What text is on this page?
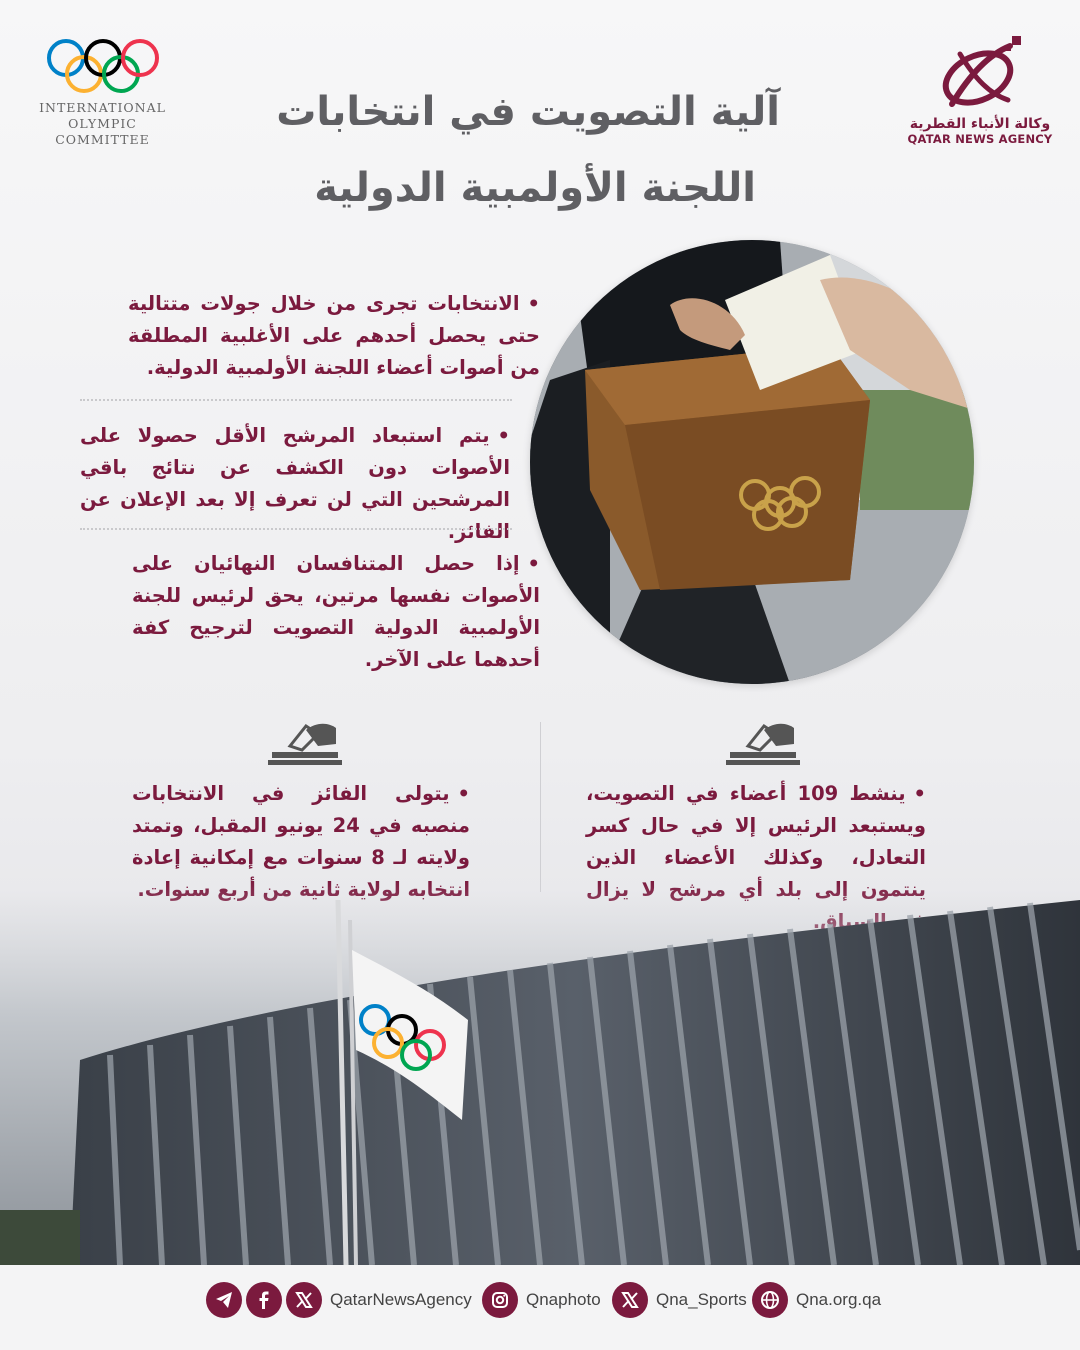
INTERNATIONAL
OLYMPIC
COMMITTEE
وكالة الأنباء القطرية
QATAR NEWS AGENCY
آلية التصويت في انتخابات
اللجنة الأولمبية الدولية
•الانتخابات تجرى من خلال جولات متتالية حتى يحصل أحدهم على الأغلبية المطلقة من أصوات أعضاء اللجنة الأولمبية الدولية.
•يتم استبعاد المرشح الأقل حصولا على الأصوات دون الكشف عن نتائج باقي المرشحين التي لن تعرف إلا بعد الإعلان عن الفائز.
•إذا حصل المتنافسان النهائيان على الأصوات نفسها مرتين، يحق لرئيس للجنة الأولمبية الدولية التصويت لترجيح كفة أحدهما على الآخر.
•ينشط 109 أعضاء في التصويت، ويستبعد الرئيس إلا في حال كسر التعادل، وكذلك الأعضاء الذين
•يتولى الفائز في الانتخابات منصبه في 24 يونيو المقبل، وتمتد ولايته لـ 8 سنوات مع إمكانية إعادة
QatarNewsAgency	Qnaphoto	Qna_Sports	Qna.org.qa
